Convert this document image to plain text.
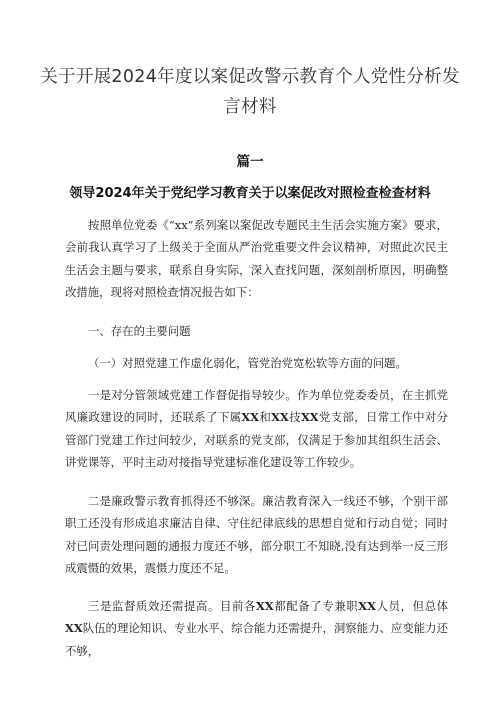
关于开展2024年度以案促改警示教育个人党性分析发言材料
篇一
领导2024年关于党纪学习教育关于以案促改对照检查检查材料

按照单位党委《“xx”系列案以案促改专题民主生活会实施方案》要求，会前我认真学习了上级关于全面从严治党重要文件会议精神，对照此次民主生活会主题与要求，联系自身实际，深入查找问题，深刻剖析原因，明确整改措施，现将对照检查情况报告如下：

一、存在的主要问题

（一）对照党建工作虚化弱化，管党治党宽松软等方面的问题。

一是对分管领域党建工作督促指导较少。作为单位党委委员，在主抓党风廉政建设的同时，还联系了下属XX和XX技XX党支部，日常工作中对分管部门党建工作过问较少，对联系的党支部，仅满足于参加其组织生活会、讲党课等，平时主动对接指导党建标准化建设等工作较少。

二是廉政警示教育抓得还不够深。廉洁教育深入一线还不够，个别干部职工还没有形成追求廉洁自律、守住纪律底线的思想自觉和行动自觉；同时对已问责处理问题的通报力度还不够，部分职工不知晓,没有达到举一反三形成震慑的效果，震慑力度还不足。

三是监督质效还需提高。目前各XX都配备了专兼职XX人员，但总体XX队伍的理论知识、专业水平、综合能力还需提升，洞察能力、应变能力还不够，
